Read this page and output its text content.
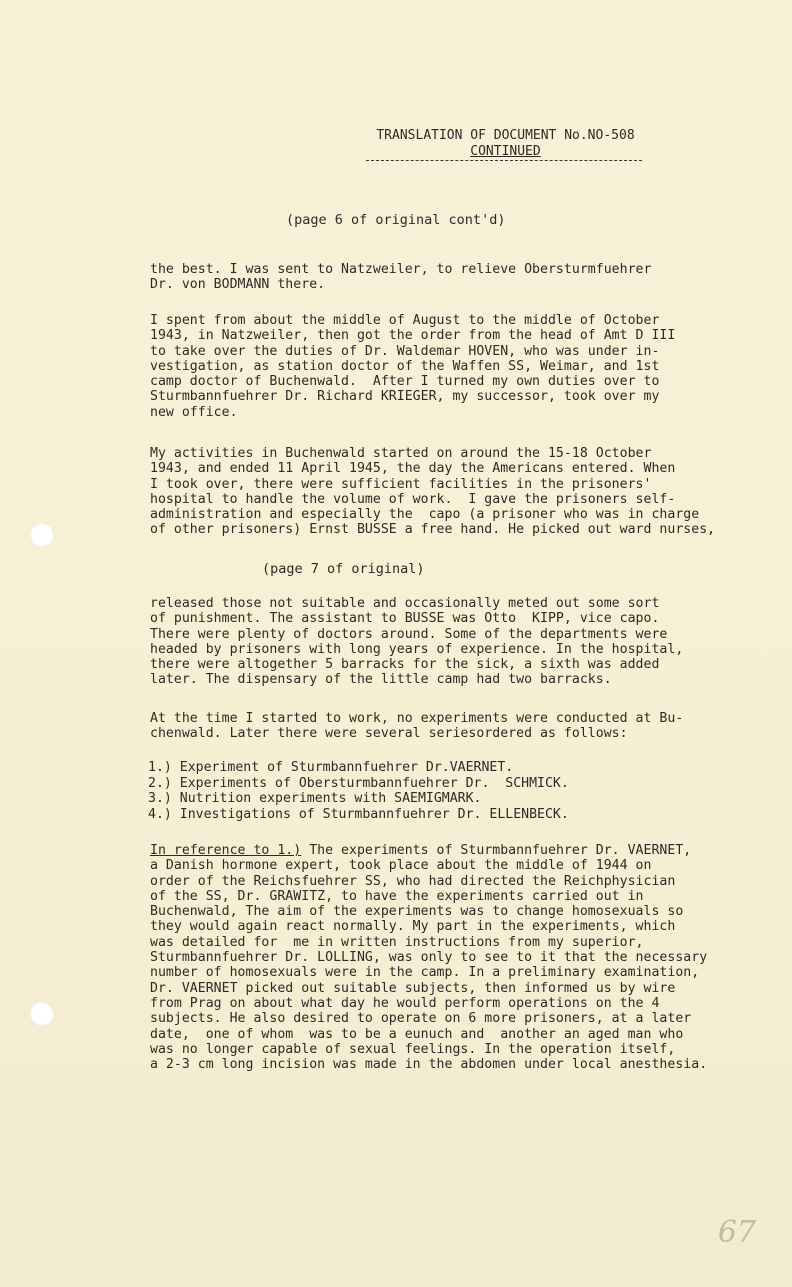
TRANSLATION OF DOCUMENT No.NO-508
CONTINUED
(page 6 of original cont'd)
the best. I was sent to Natzweiler, to relieve Obersturmfuehrer
Dr. von BODMANN there.
I spent from about the middle of August to the middle of October
1943, in Natzweiler, then got the order from the head of Amt D III
to take over the duties of Dr. Waldemar HOVEN, who was under in-
vestigation, as station doctor of the Waffen SS, Weimar, and 1st
camp doctor of Buchenwald.  After I turned my own duties over to
Sturmbannfuehrer Dr. Richard KRIEGER, my successor, took over my
new office.
My activities in Buchenwald started on around the 15-18 October
1943, and ended 11 April 1945, the day the Americans entered. When
I took over, there were sufficient facilities in the prisoners'
hospital to handle the volume of work.  I gave the prisoners self-
administration and especially the  capo (a prisoner who was in charge
of other prisoners) Ernst BUSSE a free hand. He picked out ward nurses,
(page 7 of original)
released those not suitable and occasionally meted out some sort
of punishment. The assistant to BUSSE was Otto  KIPP, vice capo.
There were plenty of doctors around. Some of the departments were
headed by prisoners with long years of experience. In the hospital,
there were altogether 5 barracks for the sick, a sixth was added
later. The dispensary of the little camp had two barracks.
At the time I started to work, no experiments were conducted at Bu-
chenwald. Later there were several seriesordered as follows:
1.) Experiment of Sturmbannfuehrer Dr.VAERNET.
2.) Experiments of Obersturmbannfuehrer Dr.  SCHMICK.
3.) Nutrition experiments with SAEMIGMARK.
4.) Investigations of Sturmbannfuehrer Dr. ELLENBECK.
In reference to 1.) The experiments of Sturmbannfuehrer Dr. VAERNET,
a Danish hormone expert, took place about the middle of 1944 on
order of the Reichsfuehrer SS, who had directed the Reichphysician
of the SS, Dr. GRAWITZ, to have the experiments carried out in
Buchenwald, The aim of the experiments was to change homosexuals so
they would again react normally. My part in the experiments, which
was detailed for  me in written instructions from my superior,
Sturmbannfuehrer Dr. LOLLING, was only to see to it that the necessary
number of homosexuals were in the camp. In a preliminary examination,
Dr. VAERNET picked out suitable subjects, then informed us by wire
from Prag on about what day he would perform operations on the 4
subjects. He also desired to operate on 6 more prisoners, at a later
date,  one of whom  was to be a eunuch and  another an aged man who
was no longer capable of sexual feelings. In the operation itself,
a 2-3 cm long incision was made in the abdomen under local anesthesia.
67
